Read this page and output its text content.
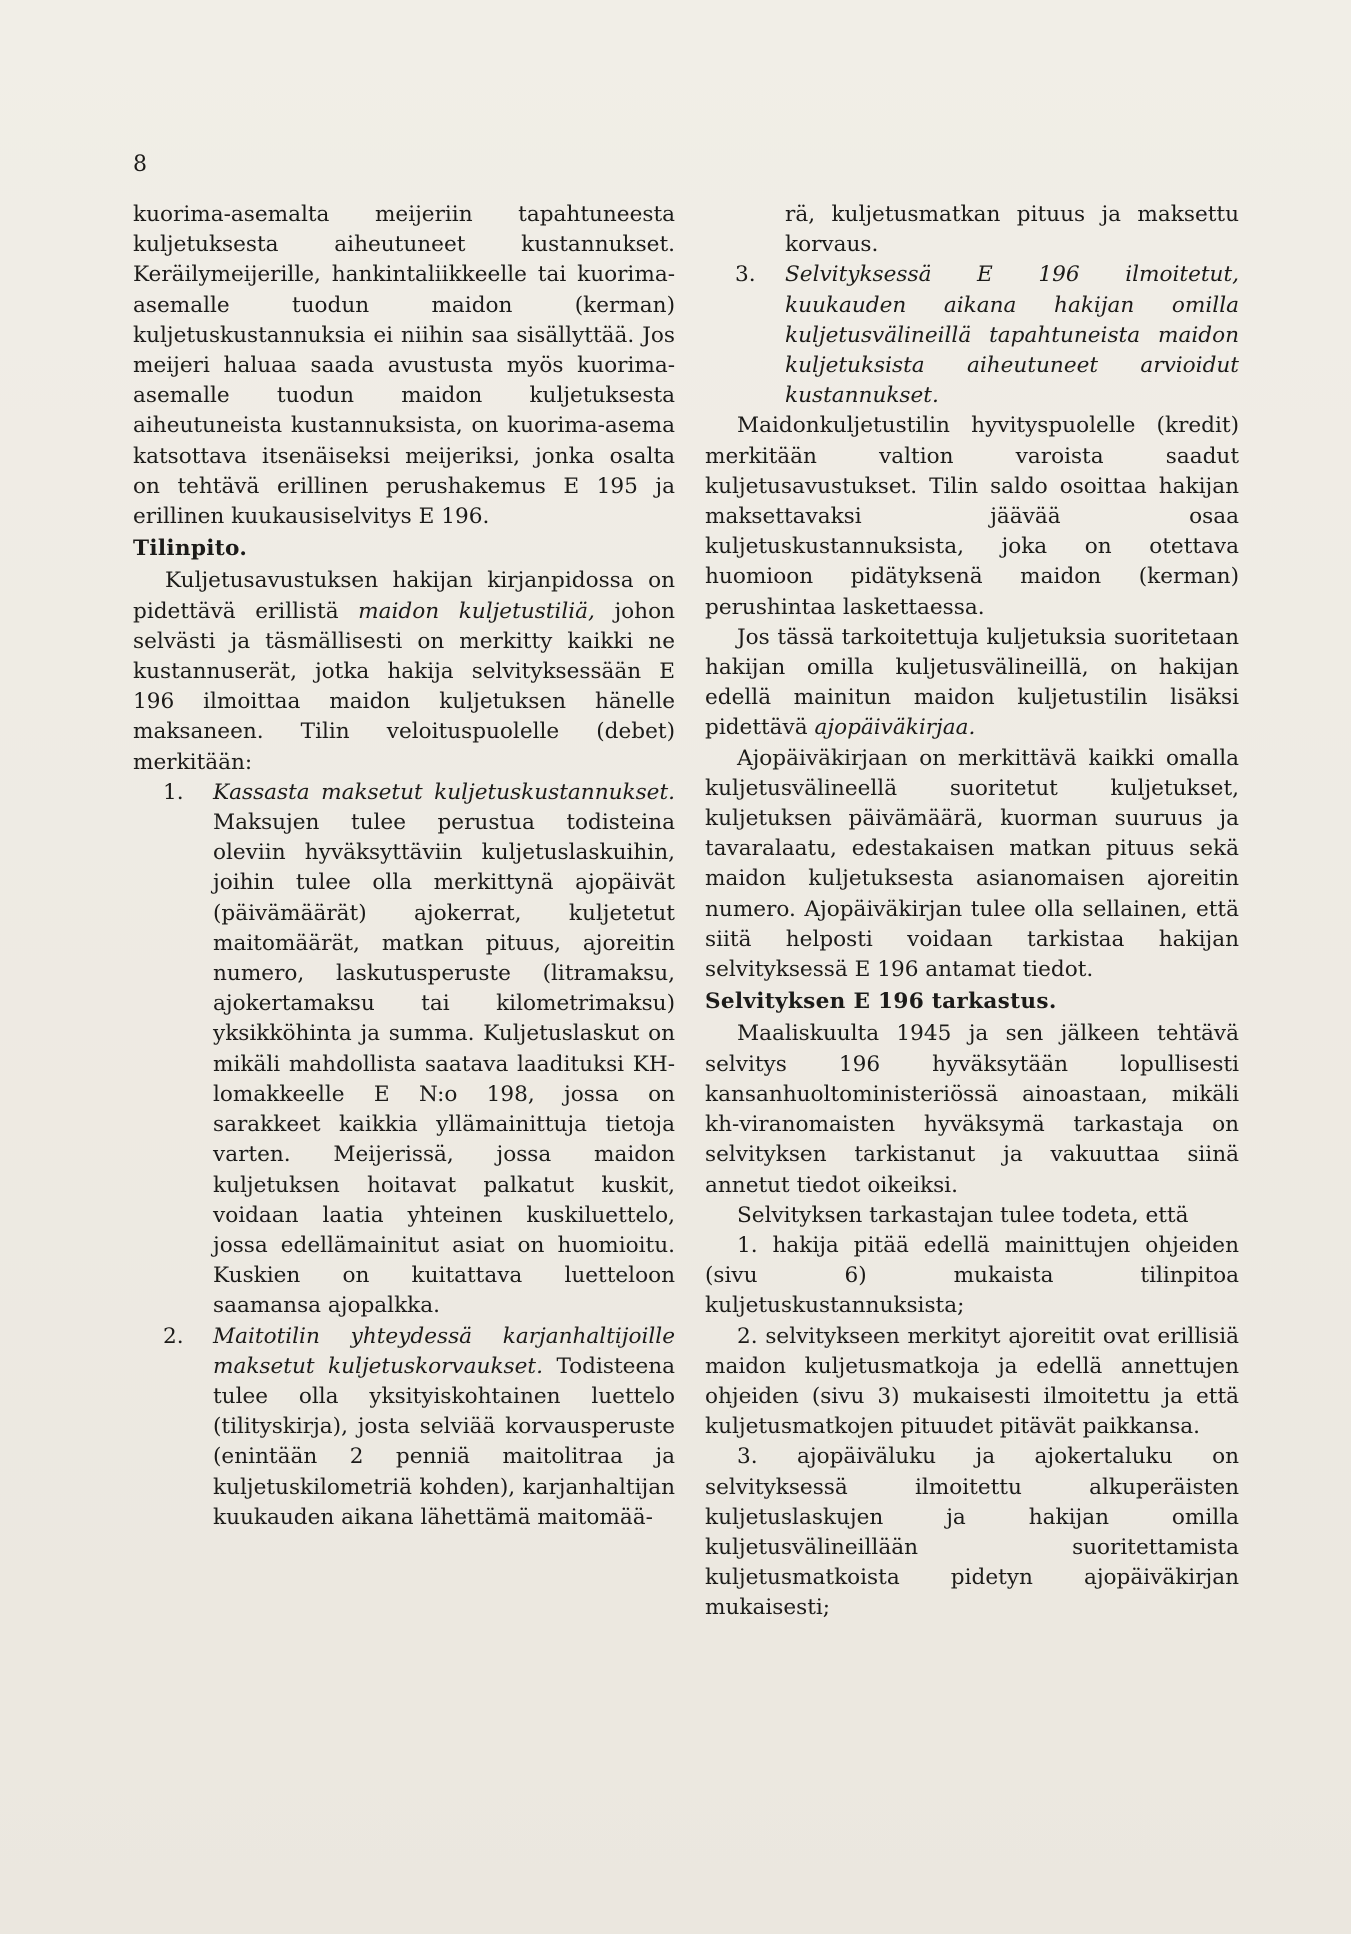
8

kuorima-asemalta meijeriin tapahtuneesta kuljetuksesta aiheutuneet kustannukset. Keräilymeijerille, hankintaliikkeelle tai kuorima-asemalle tuodun maidon (kerman) kuljetuskustannuksia ei niihin saa sisällyttää. Jos meijeri haluaa saada avustusta myös kuorima-asemalle tuodun maidon kuljetuksesta aiheutuneista kustannuksista, on kuorima-asema katsottava itsenäiseksi meijeriksi, jonka osalta on tehtävä erillinen perushakemus E 195 ja erillinen kuukausiselvitys E 196.

Tilinpito.

Kuljetusavustuksen hakijan kirjanpidossa on pidettävä erillistä maidon kuljetustiliä, johon selvästi ja täsmällisesti on merkitty kaikki ne kustannuserät, jotka hakija selvityksessään E 196 ilmoittaa maidon kuljetuksen hänelle maksaneen. Tilin veloituspuolelle (debet) merkitään:

1. Kassasta maksetut kuljetuskustannukset. Maksujen tulee perustua todisteina oleviin hyväksyttäviin kuljetuslaskuihin, joihin tulee olla merkittynä ajopäivät (päivämäärät) ajokerrat, kuljetetut maitomäärät, matkan pituus, ajoreitin numero, laskutusperuste (litramaksu, ajokertamaksu tai kilometrimaksu) yksikköhinta ja summa. Kuljetuslaskut on mikäli mahdollista saatava laadituksi KH-lomakkeelle E N:o 198, jossa on sarakkeet kaikkia yllämainittuja tietoja varten. Meijerissä, jossa maidon kuljetuksen hoitavat palkatut kuskit, voidaan laatia yhteinen kuskiluettelo, jossa edellämainitut asiat on huomioitu. Kuskien on kuitattava luetteloon saamansa ajopalkka.

2. Maitotilin yhteydessä karjanhaltijoille maksetut kuljetuskorvaukset. Todisteena tulee olla yksityiskohtainen luettelo (tilityskirja), josta selviää korvausperuste (enintään 2 penniä maitolitraa ja kuljetuskilometriä kohden), karjanhaltijan kuukauden aikana lähettämä maitomää-

rä, kuljetusmatkan pituus ja maksettu korvaus.

3. Selvityksessä E 196 ilmoitetut, kuukauden aikana hakijan omilla kuljetusvälineillä tapahtuneista maidon kuljetuksista aiheutuneet arvioidut kustannukset.

Maidonkuljetustilin hyvityspuolelle (kredit) merkitään valtion varoista saadut kuljetusavustukset. Tilin saldo osoittaa hakijan maksettavaksi jäävää osaa kuljetuskustannuksista, joka on otettava huomioon pidätyksenä maidon (kerman) perushintaa laskettaessa.

Jos tässä tarkoitettuja kuljetuksia suoritetaan hakijan omilla kuljetusvälineillä, on hakijan edellä mainitun maidon kuljetustilin lisäksi pidettävä ajopäiväkirjaa.

Ajopäiväkirjaan on merkittävä kaikki omalla kuljetusvälineellä suoritetut kuljetukset, kuljetuksen päivämäärä, kuorman suuruus ja tavaralaatu, edestakaisen matkan pituus sekä maidon kuljetuksesta asianomaisen ajoreitin numero. Ajopäiväkirjan tulee olla sellainen, että siitä helposti voidaan tarkistaa hakijan selvityksessä E 196 antamat tiedot.

Selvityksen E 196 tarkastus.

Maaliskuulta 1945 ja sen jälkeen tehtävä selvitys 196 hyväksytään lopullisesti kansanhuoltoministeriössä ainoastaan, mikäli kh-viranomaisten hyväksymä tarkastaja on selvityksen tarkistanut ja vakuuttaa siinä annetut tiedot oikeiksi.

Selvityksen tarkastajan tulee todeta, että

1. hakija pitää edellä mainittujen ohjeiden (sivu 6) mukaista tilinpitoa kuljetuskustannuksista;

2. selvitykseen merkityt ajoreitit ovat erillisiä maidon kuljetusmatkoja ja edellä annettujen ohjeiden (sivu 3) mukaisesti ilmoitettu ja että kuljetusmatkojen pituudet pitävät paikkansa.

3. ajopäiväluku ja ajokertaluku on selvityksessä ilmoitettu alkuperäisten kuljetuslaskujen ja hakijan omilla kuljetusvälineillään suoritettamista kuljetusmatkoista pidetyn ajopäiväkirjan mukaisesti;
